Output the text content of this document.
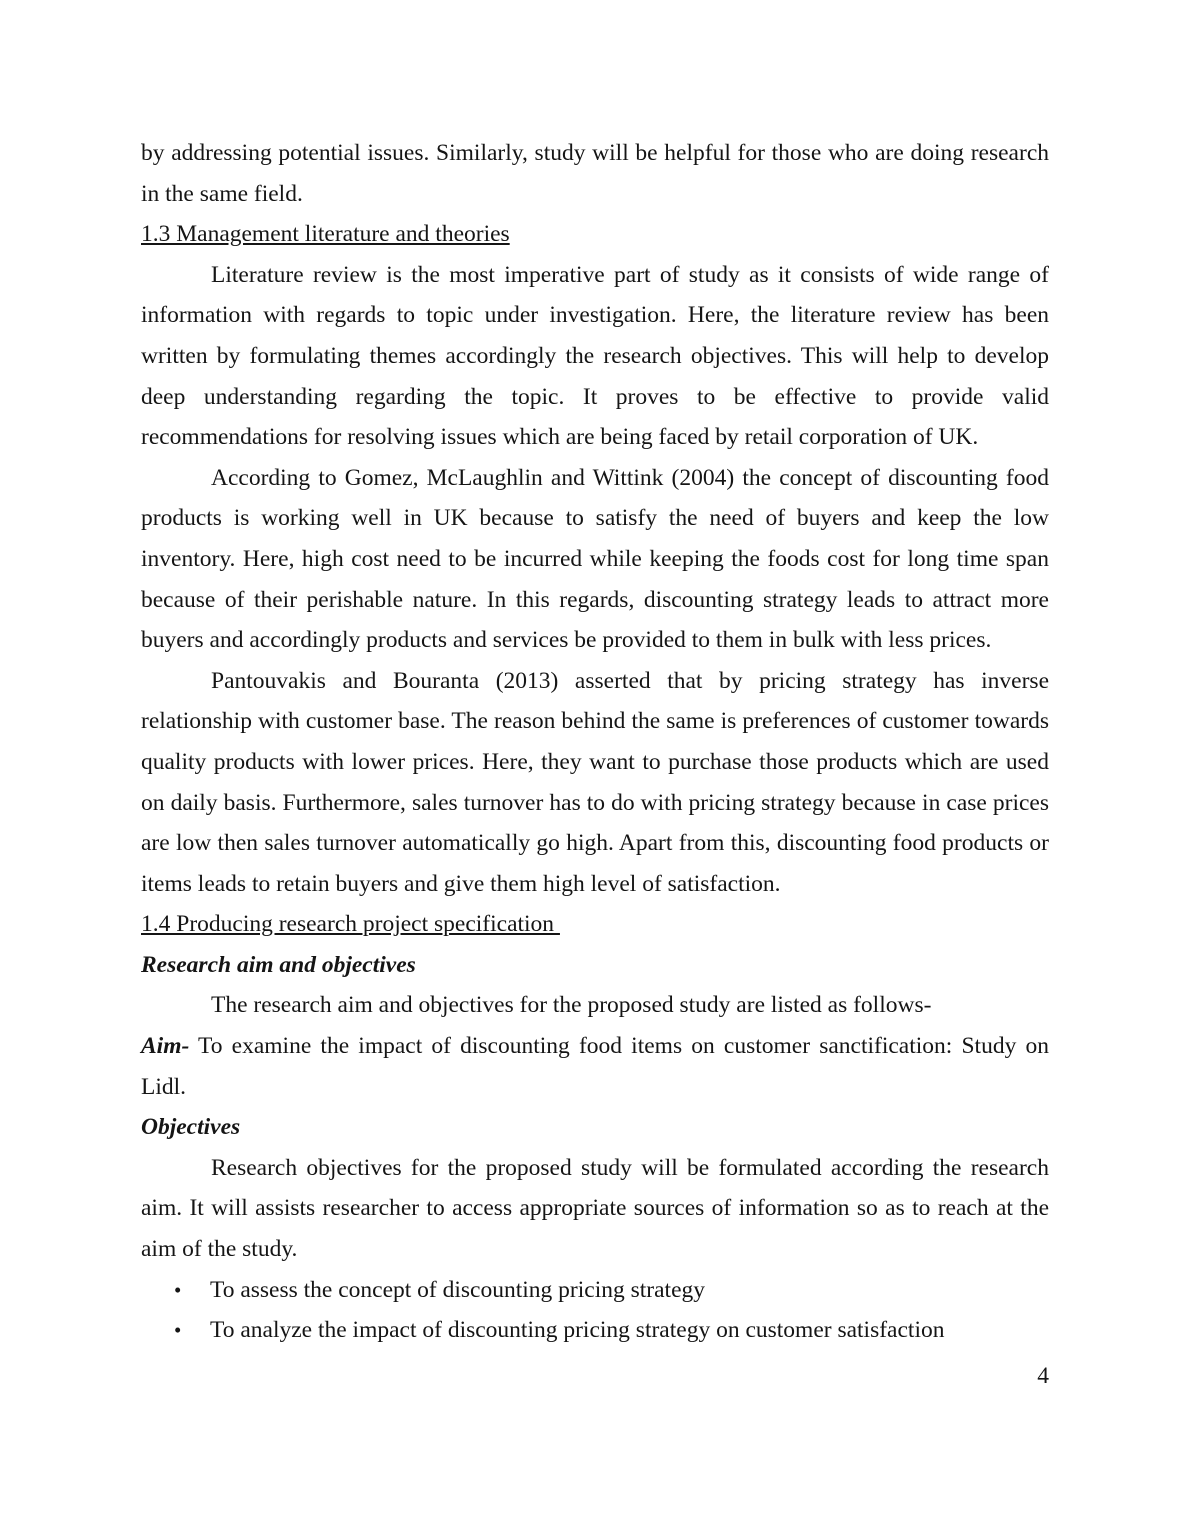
by addressing potential issues. Similarly, study will be helpful for those who are doing research in the same field.

1.3 Management literature and theories

Literature review is the most imperative part of study as it consists of wide range of information with regards to topic under investigation. Here, the literature review has been written by formulating themes accordingly the research objectives. This will help to develop deep understanding regarding the topic. It proves to be effective to provide valid recommendations for resolving issues which are being faced by retail corporation of UK.

According to Gomez, McLaughlin and Wittink (2004) the concept of discounting food products is working well in UK because to satisfy the need of buyers and keep the low inventory. Here, high cost need to be incurred while keeping the foods cost for long time span because of their perishable nature. In this regards, discounting strategy leads to attract more buyers and accordingly products and services be provided to them in bulk with less prices.

Pantouvakis and Bouranta (2013) asserted that by pricing strategy has inverse relationship with customer base. The reason behind the same is preferences of customer towards quality products with lower prices. Here, they want to purchase those products which are used on daily basis. Furthermore, sales turnover has to do with pricing strategy because in case prices are low then sales turnover automatically go high. Apart from this, discounting food products or items leads to retain buyers and give them high level of satisfaction.

1.4 Producing research project specification

Research aim and objectives

The research aim and objectives for the proposed study are listed as follows-

Aim- To examine the impact of discounting food items on customer sanctification: Study on Lidl.

Objectives

Research objectives for the proposed study will be formulated according the research aim. It will assists researcher to access appropriate sources of information so as to reach at the aim of the study.

• To assess the concept of discounting pricing strategy
• To analyze the impact of discounting pricing strategy on customer satisfaction
4
